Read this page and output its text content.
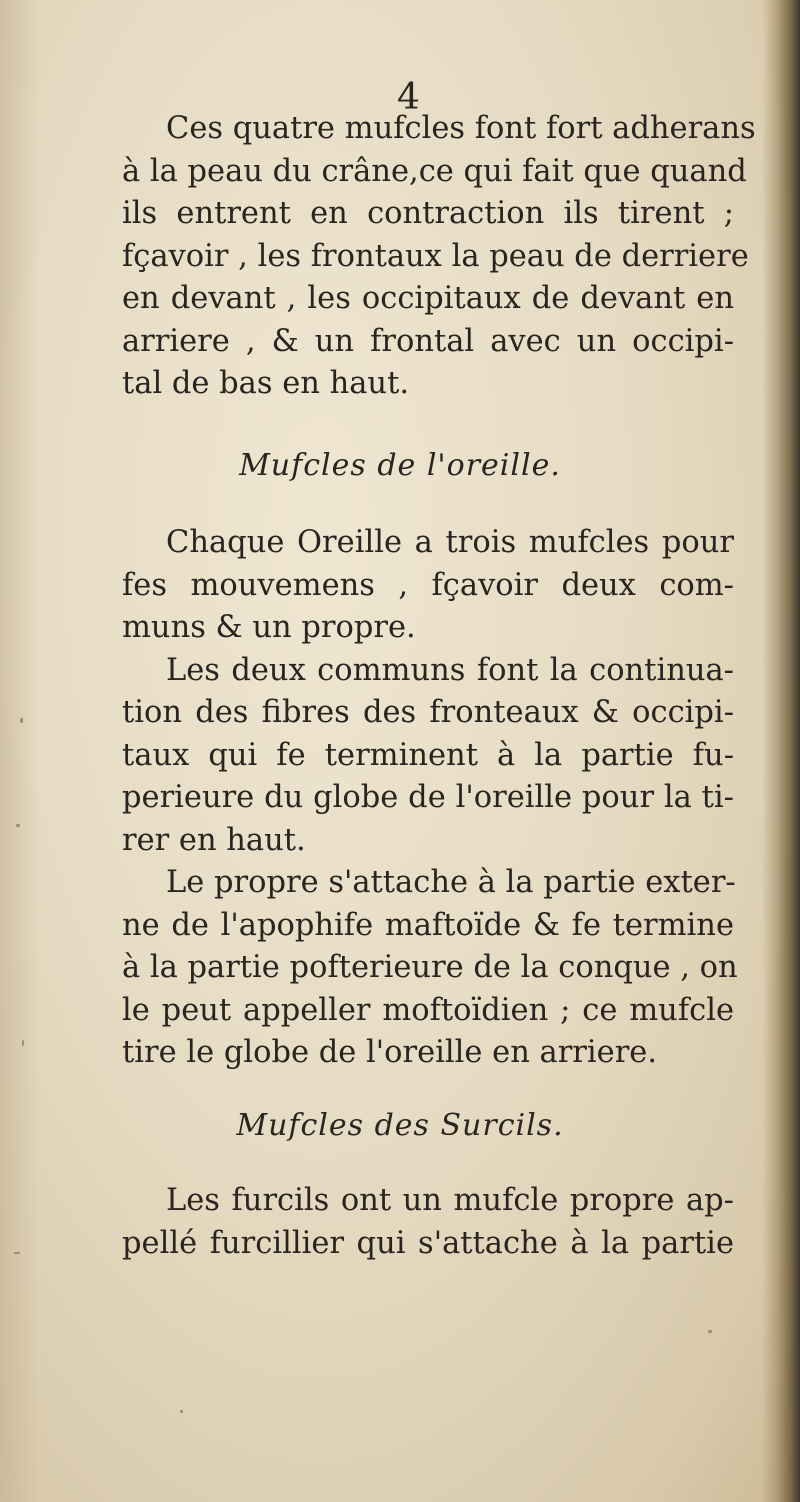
4
Ces quatre mufcles font fort adherans
à la peau du crâne,ce qui fait que quand
ils entrent en contraction ils tirent ;
fçavoir , les frontaux la peau de derriere
en devant , les occipitaux de devant en
arriere , & un frontal avec un occipi-
tal de bas en haut.
Mufcles de l'oreille.
Chaque Oreille a trois mufcles pour
fes mouvemens , fçavoir deux com-
muns & un propre.
Les deux communs font la continua-
tion des fibres des fronteaux & occipi-
taux qui fe terminent à la partie fu-
perieure du globe de l'oreille pour la ti-
rer en haut.
Le propre s'attache à la partie exter-
ne de l'apophife maftoïde & fe termine
à la partie pofterieure de la conque , on
le peut appeller moftoïdien ; ce mufcle
tire le globe de l'oreille en arriere.
Mufcles des Surcils.
Les furcils ont un mufcle propre ap-
pellé furcillier qui s'attache à la partie
